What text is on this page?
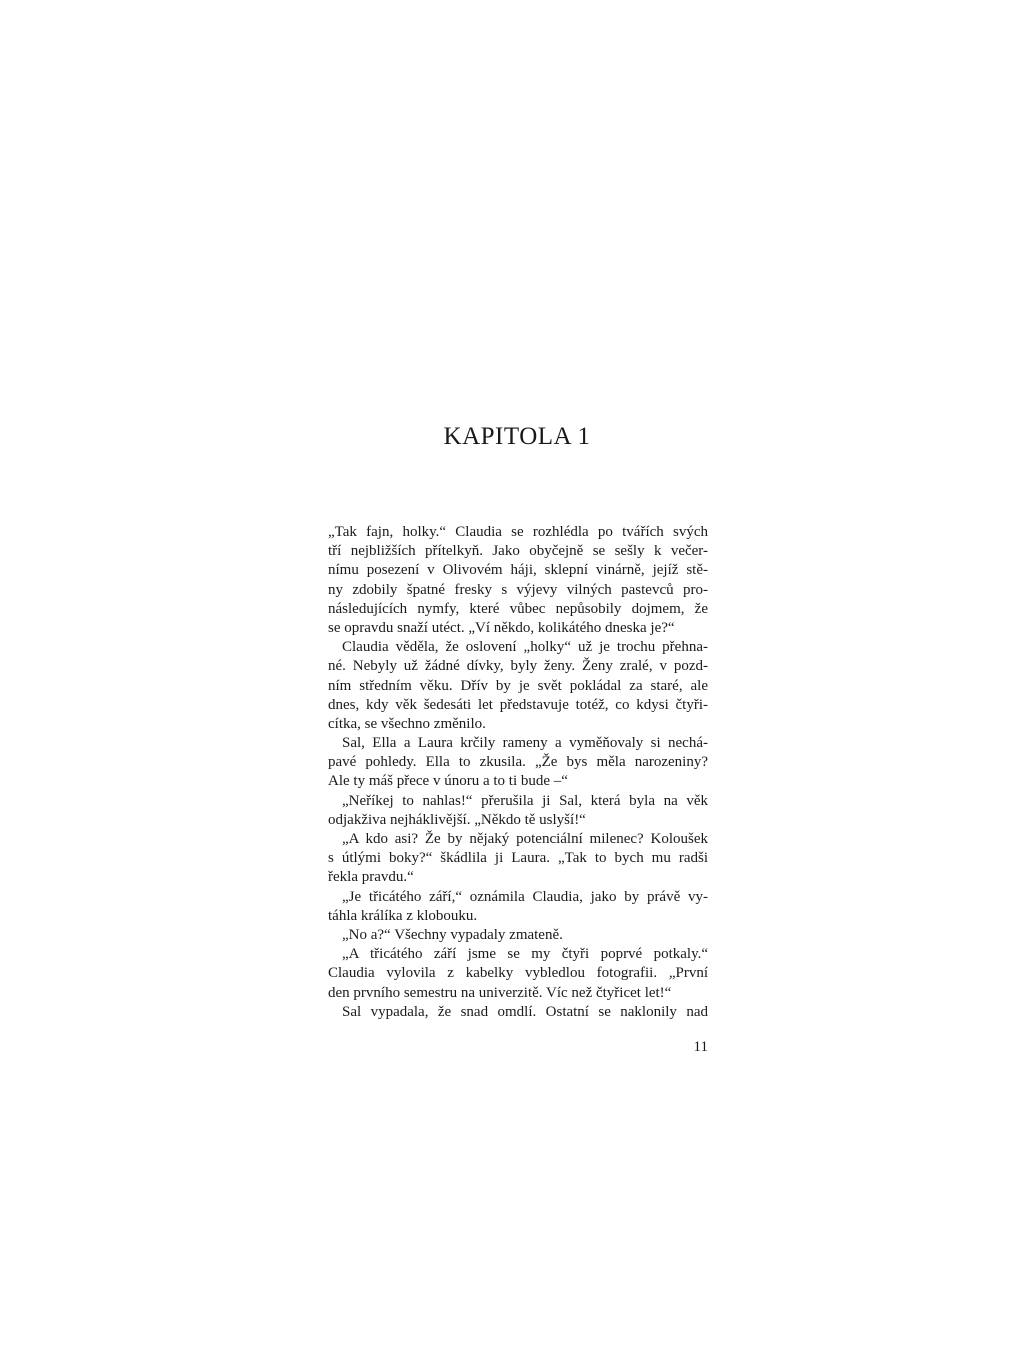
KAPITOLA 1
„Tak fajn, holky.“ Claudia se rozhlédla po tvářích svých
tří nejbližších přítelkyň. Jako obyčejně se sešly k večer-
nímu posezení v Olivovém háji, sklepní vinárně, jejíž stě-
ny zdobily špatné fresky s výjevy vilných pastevců pro-
následujících nymfy, které vůbec nepůsobily dojmem, že
se opravdu snaží utéct. „Ví někdo, kolikátého dneska je?“
Claudia věděla, že oslovení „holky“ už je trochu přehna-
né. Nebyly už žádné dívky, byly ženy. Ženy zralé, v pozd-
ním středním věku. Dřív by je svět pokládal za staré, ale
dnes, kdy věk šedesáti let představuje totéž, co kdysi čtyři-
cítka, se všechno změnilo.
Sal, Ella a Laura krčily rameny a vyměňovaly si nechá-
pavé pohledy. Ella to zkusila. „Že bys měla narozeniny?
Ale ty máš přece v únoru a to ti bude –“
„Neříkej to nahlas!“ přerušila ji Sal, která byla na věk
odjakživa nejháklivější. „Někdo tě uslyší!“
„A kdo asi? Že by nějaký potenciální milenec? Koloušek
s útlými boky?“ škádlila ji Laura. „Tak to bych mu radši
řekla pravdu.“
„Je třicátého září,“ oznámila Claudia, jako by právě vy-
táhla králíka z klobouku.
„No a?“ Všechny vypadaly zmateně.
„A třicátého září jsme se my čtyři poprvé potkaly.“
Claudia vylovila z kabelky vybledlou fotografii. „První
den prvního semestru na univerzitě. Víc než čtyřicet let!“
Sal vypadala, že snad omdlí. Ostatní se naklonily nad
11
